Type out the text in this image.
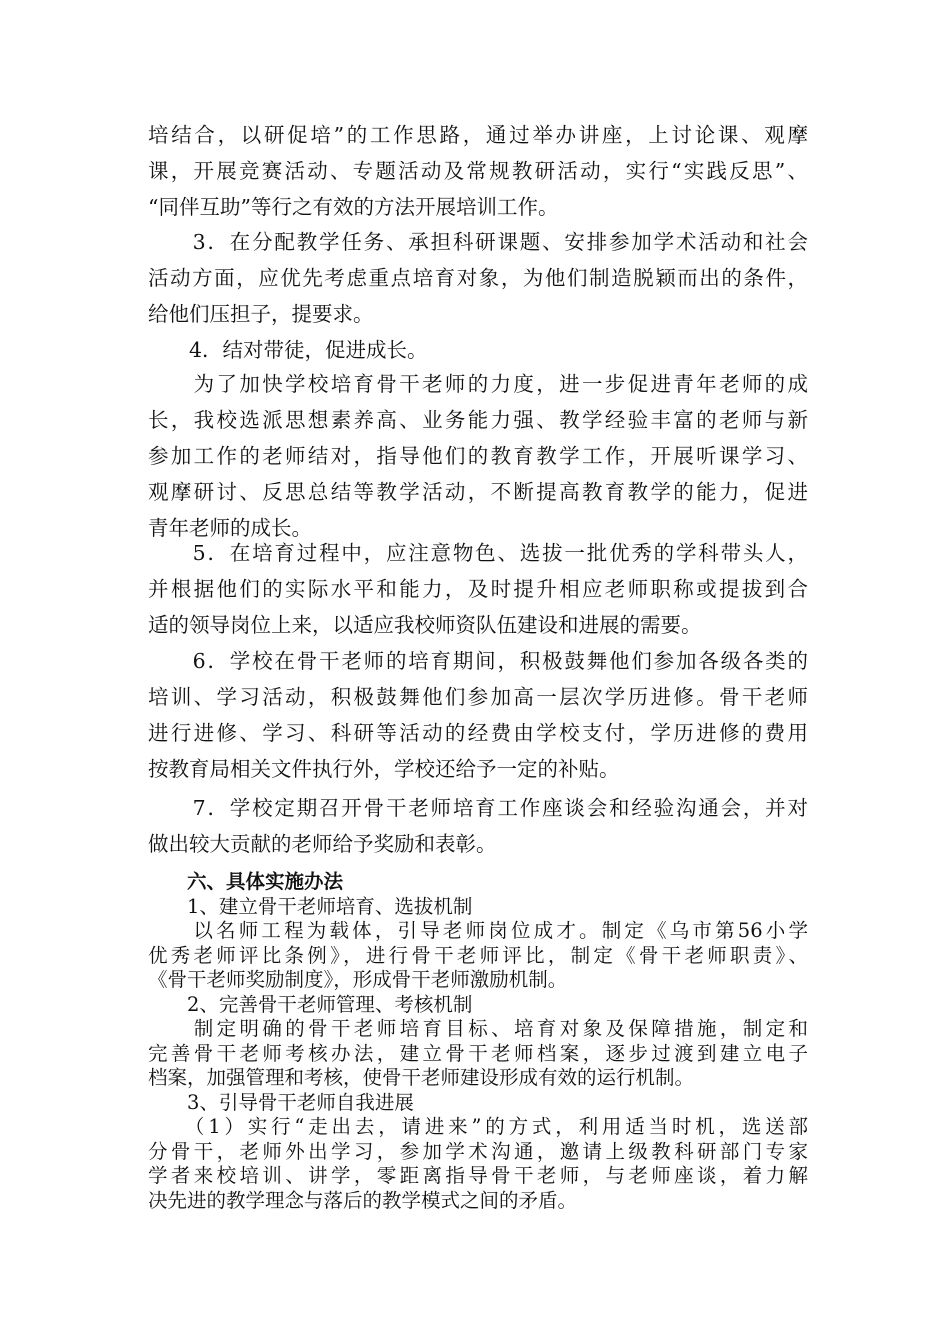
培结合，以研促培”的工作思路，通过举办讲座，上讨论课、观摩
课，开展竞赛活动、专题活动及常规教研活动，实行“实践反思”、
“同伴互助”等行之有效的方法开展培训工作。
　　3．在分配教学任务、承担科研课题、安排参加学术活动和社会
活动方面，应优先考虑重点培育对象，为他们制造脱颖而出的条件，
给他们压担子，提要求。
　　4．结对带徒，促进成长。
　　为了加快学校培育骨干老师的力度，进一步促进青年老师的成
长，我校选派思想素养高、业务能力强、教学经验丰富的老师与新
参加工作的老师结对，指导他们的教育教学工作，开展听课学习、
观摩研讨、反思总结等教学活动，不断提高教育教学的能力，促进
青年老师的成长。
　　5．在培育过程中，应注意物色、选拔一批优秀的学科带头人，
并根据他们的实际水平和能力，及时提升相应老师职称或提拔到合
适的领导岗位上来，以适应我校师资队伍建设和进展的需要。
　　6．学校在骨干老师的培育期间，积极鼓舞他们参加各级各类的
培训、学习活动，积极鼓舞他们参加高一层次学历进修。骨干老师
进行进修、学习、科研等活动的经费由学校支付，学历进修的费用
按教育局相关文件执行外，学校还给予一定的补贴。
　　7．学校定期召开骨干老师培育工作座谈会和经验沟通会，并对
做出较大贡献的老师给予奖励和表彰。
　　六、具体实施办法
　　1、建立骨干老师培育、选拔机制
　　以名师工程为载体，引导老师岗位成才。制定《乌市第56小学
优秀老师评比条例》，进行骨干老师评比，制定《骨干老师职责》、
《骨干老师奖励制度》，形成骨干老师激励机制。
　　2、完善骨干老师管理、考核机制
　　制定明确的骨干老师培育目标、培育对象及保障措施，制定和
完善骨干老师考核办法，建立骨干老师档案，逐步过渡到建立电子
档案，加强管理和考核，使骨干老师建设形成有效的运行机制。
　　3、引导骨干老师自我进展
　　（1）实行“走出去，请进来”的方式，利用适当时机，选送部
分骨干，老师外出学习，参加学术沟通，邀请上级教科研部门专家
学者来校培训、讲学，零距离指导骨干老师，与老师座谈，着力解
决先进的教学理念与落后的教学模式之间的矛盾。
